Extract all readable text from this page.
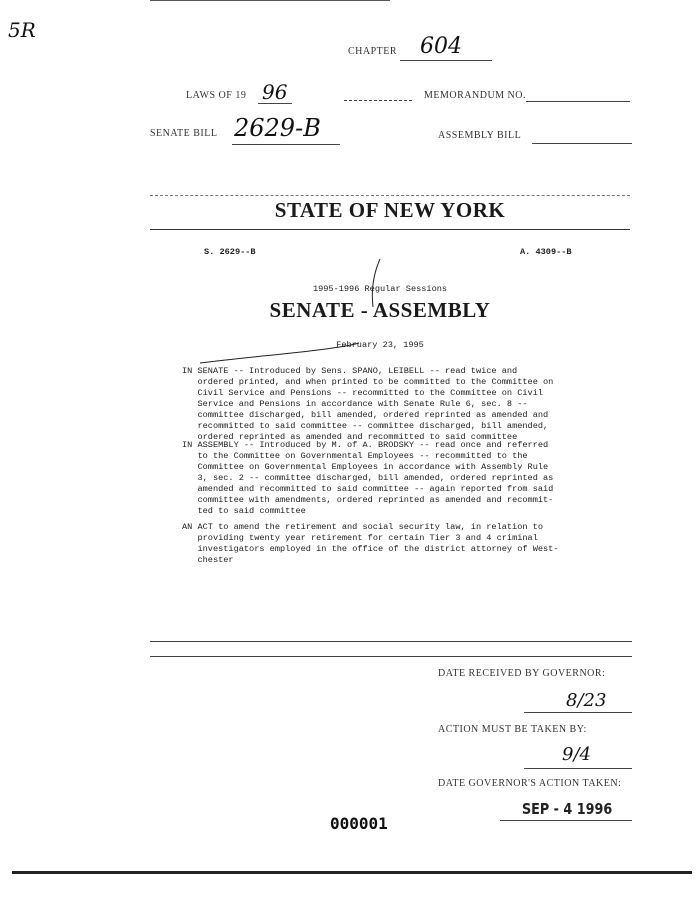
5R
CHAPTER 604
LAWS OF 19 96	MEMORANDUM NO.
SENATE BILL 2629-B	ASSEMBLY BILL
STATE OF NEW YORK
S. 2629--B	A. 4309--B
1995-1996 Regular Sessions
SENATE - ASSEMBLY
February 23, 1995
IN SENATE -- Introduced by Sens. SPANO, LEIBELL -- read twice and
ordered printed, and when printed to be committed to the Committee on
Civil Service and Pensions -- recommitted to the Committee on Civil
Service and Pensions in accordance with Senate Rule 6, sec. 8 --
committee discharged, bill amended, ordered reprinted as amended and
recommitted to said committee -- committee discharged, bill amended,
ordered reprinted as amended and recommitted to said committee
IN ASSEMBLY -- Introduced by M. of A. BRODSKY -- read once and referred
to the Committee on Governmental Employees -- recommitted to the
Committee on Governmental Employees in accordance with Assembly Rule
3, sec. 2 -- committee discharged, bill amended, ordered reprinted as
amended and recommitted to said committee -- again reported from said
committee with amendments, ordered reprinted as amended and recommit-
ted to said committee
AN ACT to amend the retirement and social security law, in relation to
providing twenty year retirement for certain Tier 3 and 4 criminal
investigators employed in the office of the district attorney of West-
chester
DATE RECEIVED BY GOVERNOR:
8/23
ACTION MUST BE TAKEN BY:
9/4
DATE GOVERNOR'S ACTION TAKEN:
SEP - 4 1996
000001
